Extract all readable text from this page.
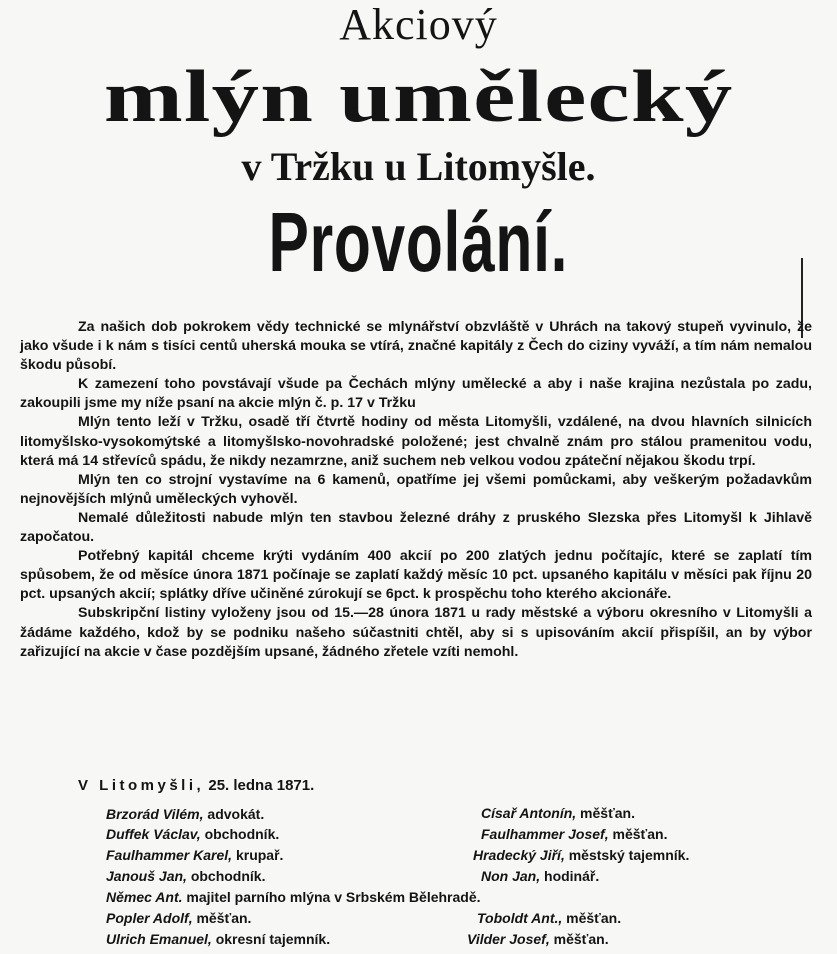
Akciový
mlýn umělecký
v Tržku u Litomyšle.
Provolání.

Za našich dob pokrokem vědy technické se mlynářství obzvláště v Uhrách na takový stupeň vyvinulo, že jako všude i k nám s tisíci centů uherská mouka se vtírá, značné kapitály z Čech do ciziny vyváží, a tím nám nemalou škodu působí.

K zamezení toho povstávají všude pa Čechách mlýny umělecké a aby i naše krajina nezůstala po zadu, zakoupili jsme my níže psaní na akcie mlýn č. p. 17 v Tržku

Mlýn tento leží v Tržku, osadě tří čtvrtě hodiny od města Litomyšli, vzdálené, na dvou hlavních silnicích litomyšlsko-vysokomýtské a litomyšlsko-novohradské položené; jest chvalně znám pro stálou pramenitou vodu, která má 14 střevíců spádu, že nikdy nezamrzne, aniž suchem neb velkou vodou zpáteční nějakou škodu trpí.

Mlýn ten co strojní vystavíme na 6 kamenů, opatříme jej všemi pomůckami, aby veškerým požadavkům nejnovějších mlýnů uměleckých vyhověl.

Nemalé důležitosti nabude mlýn ten stavbou železné dráhy z pruského Slezska přes Litomyšl k Jihlavě započatou.

Potřebný kapitál chceme krýti vydáním 400 akcií po 200 zlatých jednu počítajíc, které se zaplatí tím spůsobem, že od měsíce února 1871 počínaje se zaplatí každý měsíc 10 pct. upsaného kapitálu v měsíci pak říjnu 20 pct. upsaných akcií; splátky dříve učiněné zúrokují se 6pct. k prospěchu toho kterého akcionáře.

Subskripční listiny vyloženy jsou od 15.—28 února 1871 u rady městské a výboru okresního v Litomyšli a žádáme každého, kdož by se podniku našeho súčastniti chtěl, aby si s upisováním akcií přispíšil, an by výbor zařizující na akcie v čase pozdějším upsané, žádného zřetele vzíti nemohl.

V Litomyšli, 25. ledna 1871.
Brzorád Vilém, advokát.
Duffek Václav, obchodník.
Faulhammer Karel, krupař.
Janouš Jan, obchodník.
Němec Ant. majitel parního mlýna v Srbském Bělehradě.
Popler Adolf, měšťan.
Ulrich Emanuel, okresní tajemník.
Císař Antonín, měšťan.
Faulhammer Josef, měšťan.
Hradecký Jiří, městský tajemník.
Non Jan, hodinář.
Toboldt Ant., měšťan.
Vilder Josef, měšťan.
